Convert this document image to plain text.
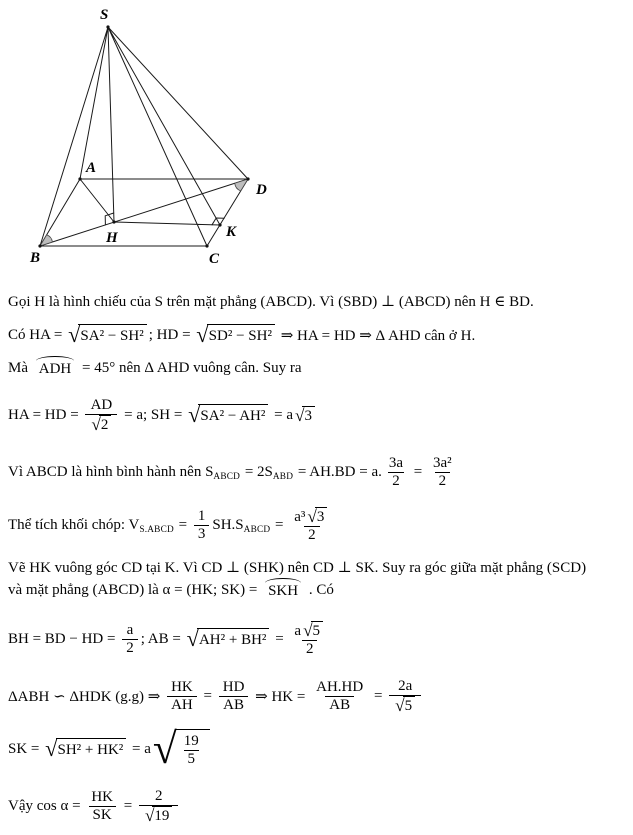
S
A
B	C
D
H	K
Gọi H là hình chiếu của S trên mặt phẳng (ABCD). Vì (SBD) ⊥ (ABCD) nên H ∈ BD.
Có HA = √ SA² − SH² ; HD = √ SD² − SH² ⇒ HA = HD ⇒ Δ AHD cân ở H.
Mà ADH = 45° nên Δ AHD vuông cân. Suy ra
HA = HD = $\frac{AD}{√ 2} = a$; SH = √ SA² − AH² = a √ 3
Vì ABCD là hình bình hành nên S ABCD = 2S ABD = AH.BD = a. $\frac{3a}{2} = \frac{\text{3a²}}{2}$
Thể tích khối chóp: V S.ABCD = $\frac{1}{3} SH.S$ ABCD = $\frac{\text{a³ √ 3}}{2}$
Vẽ HK vuông góc CD tại K. Vì CD ⊥ (SHK) nên CD ⊥ SK. Suy ra góc giữa mặt phẳng (SCD)
và mặt phẳng (ABCD) là α = (HK; SK) = SKH . Có
BH = BD − HD = $\frac{a}{2}$ ; AB = √ $AH^2 + BH^2 = \frac{a √ 5}{2}$
ΔABH ∽ ΔHDK (g.g) ⇒ $\frac{HK}{AH} = \frac{HD}{AB}$ ⇒ HK = $\frac{AH.HD}{AB} = \frac{2a}{√ 5}$
SK = √ SH² + HK² = a √ $\frac{19}{5}$
Vậy $\cos \alpha = \frac{HK}{SK} = \frac{2}{√ 19}$
